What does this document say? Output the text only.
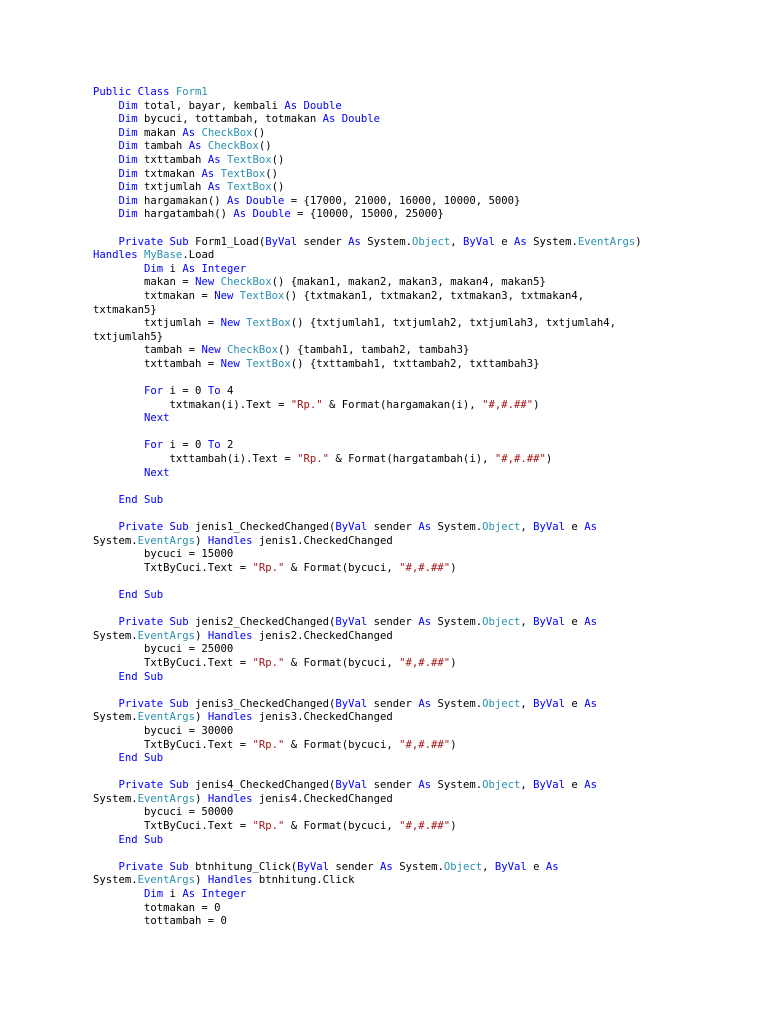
Public Class Form1
Dim total, bayar, kembali As Double
Dim bycuci, tottambah, totmakan As Double
Dim makan As CheckBox()
Dim tambah As CheckBox()
Dim txttambah As TextBox()
Dim txtmakan As TextBox()
Dim txtjumlah As TextBox()
Dim hargamakan() As Double = {17000, 21000, 16000, 10000, 5000}
Dim hargatambah() As Double = {10000, 15000, 25000}

Private Sub Form1_Load(ByVal sender As System.Object, ByVal e As System.EventArgs)
Handles MyBase.Load
Dim i As Integer
makan = New CheckBox() {makan1, makan2, makan3, makan4, makan5}
txtmakan = New TextBox() {txtmakan1, txtmakan2, txtmakan3, txtmakan4,
txtmakan5}
txtjumlah = New TextBox() {txtjumlah1, txtjumlah2, txtjumlah3, txtjumlah4,
txtjumlah5}
tambah = New CheckBox() {tambah1, tambah2, tambah3}
txttambah = New TextBox() {txttambah1, txttambah2, txttambah3}

For i = 0 To 4
txtmakan(i).Text = "Rp." & Format(hargamakan(i), "#,#.##")
Next

For i = 0 To 2
txttambah(i).Text = "Rp." & Format(hargatambah(i), "#,#.##")
Next

End Sub

Private Sub jenis1_CheckedChanged(ByVal sender As System.Object, ByVal e As
System.EventArgs) Handles jenis1.CheckedChanged
bycuci = 15000
TxtByCuci.Text = "Rp." & Format(bycuci, "#,#.##")

End Sub

Private Sub jenis2_CheckedChanged(ByVal sender As System.Object, ByVal e As
System.EventArgs) Handles jenis2.CheckedChanged
bycuci = 25000
TxtByCuci.Text = "Rp." & Format(bycuci, "#,#.##")
End Sub

Private Sub jenis3_CheckedChanged(ByVal sender As System.Object, ByVal e As
System.EventArgs) Handles jenis3.CheckedChanged
bycuci = 30000
TxtByCuci.Text = "Rp." & Format(bycuci, "#,#.##")
End Sub

Private Sub jenis4_CheckedChanged(ByVal sender As System.Object, ByVal e As
System.EventArgs) Handles jenis4.CheckedChanged
bycuci = 50000
TxtByCuci.Text = "Rp." & Format(bycuci, "#,#.##")
End Sub

Private Sub btnhitung_Click(ByVal sender As System.Object, ByVal e As
System.EventArgs) Handles btnhitung.Click
Dim i As Integer
totmakan = 0
tottambah = 0
